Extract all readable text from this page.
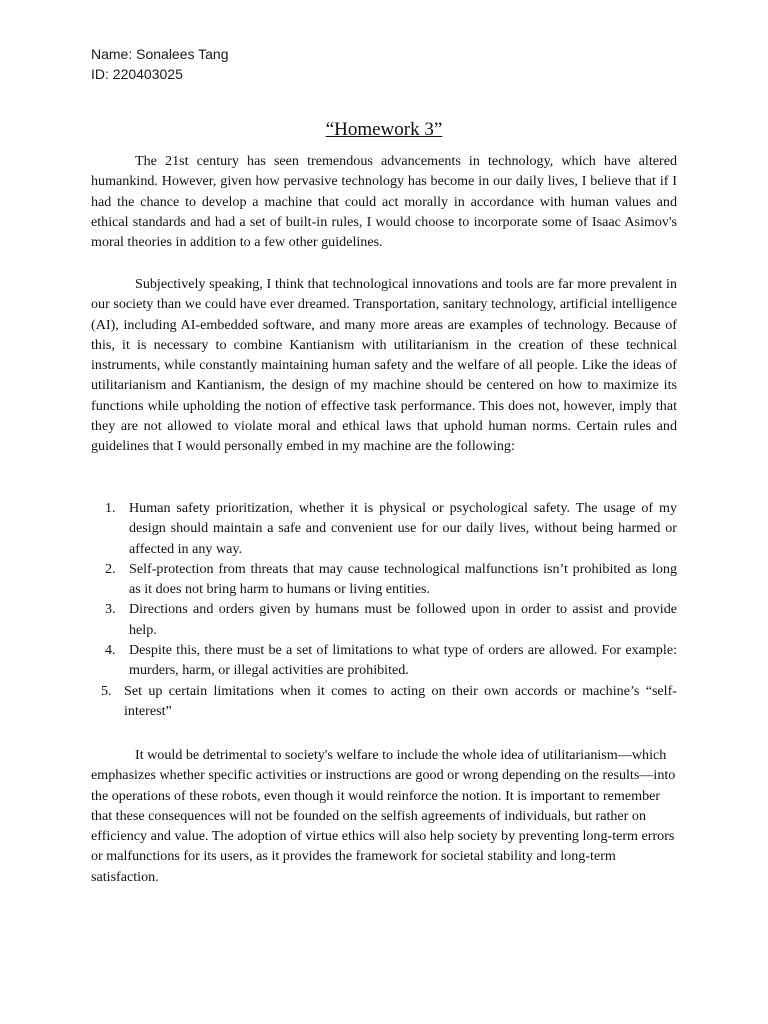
Name: Sonalees Tang
ID: 220403025
“Homework 3”

The 21st century has seen tremendous advancements in technology, which have altered humankind. However, given how pervasive technology has become in our daily lives, I believe that if I had the chance to develop a machine that could act morally in accordance with human values and ethical standards and had a set of built-in rules, I would choose to incorporate some of Isaac Asimov's moral theories in addition to a few other guidelines.

Subjectively speaking, I think that technological innovations and tools are far more prevalent in our society than we could have ever dreamed. Transportation, sanitary technology, artificial intelligence (AI), including AI-embedded software, and many more areas are examples of technology. Because of this, it is necessary to combine Kantianism with utilitarianism in the creation of these technical instruments, while constantly maintaining human safety and the welfare of all people. Like the ideas of utilitarianism and Kantianism, the design of my machine should be centered on how to maximize its functions while upholding the notion of effective task performance. This does not, however, imply that they are not allowed to violate moral and ethical laws that uphold human norms. Certain rules and guidelines that I would personally embed in my machine are the following:

1. Human safety prioritization, whether it is physical or psychological safety. The usage of my design should maintain a safe and convenient use for our daily lives, without being harmed or affected in any way.
2. Self-protection from threats that may cause technological malfunctions isn’t prohibited as long as it does not bring harm to humans or living entities.
3. Directions and orders given by humans must be followed upon in order to assist and provide help.
4. Despite this, there must be a set of limitations to what type of orders are allowed. For example: murders, harm, or illegal activities are prohibited.
5. Set up certain limitations when it comes to acting on their own accords or machine’s “self-interest”

It would be detrimental to society's welfare to include the whole idea of utilitarianism—which emphasizes whether specific activities or instructions are good or wrong depending on the results—into the operations of these robots, even though it would reinforce the notion. It is important to remember that these consequences will not be founded on the selfish agreements of individuals, but rather on efficiency and value. The adoption of virtue ethics will also help society by preventing long-term errors or malfunctions for its users, as it provides the framework for societal stability and long-term satisfaction.
